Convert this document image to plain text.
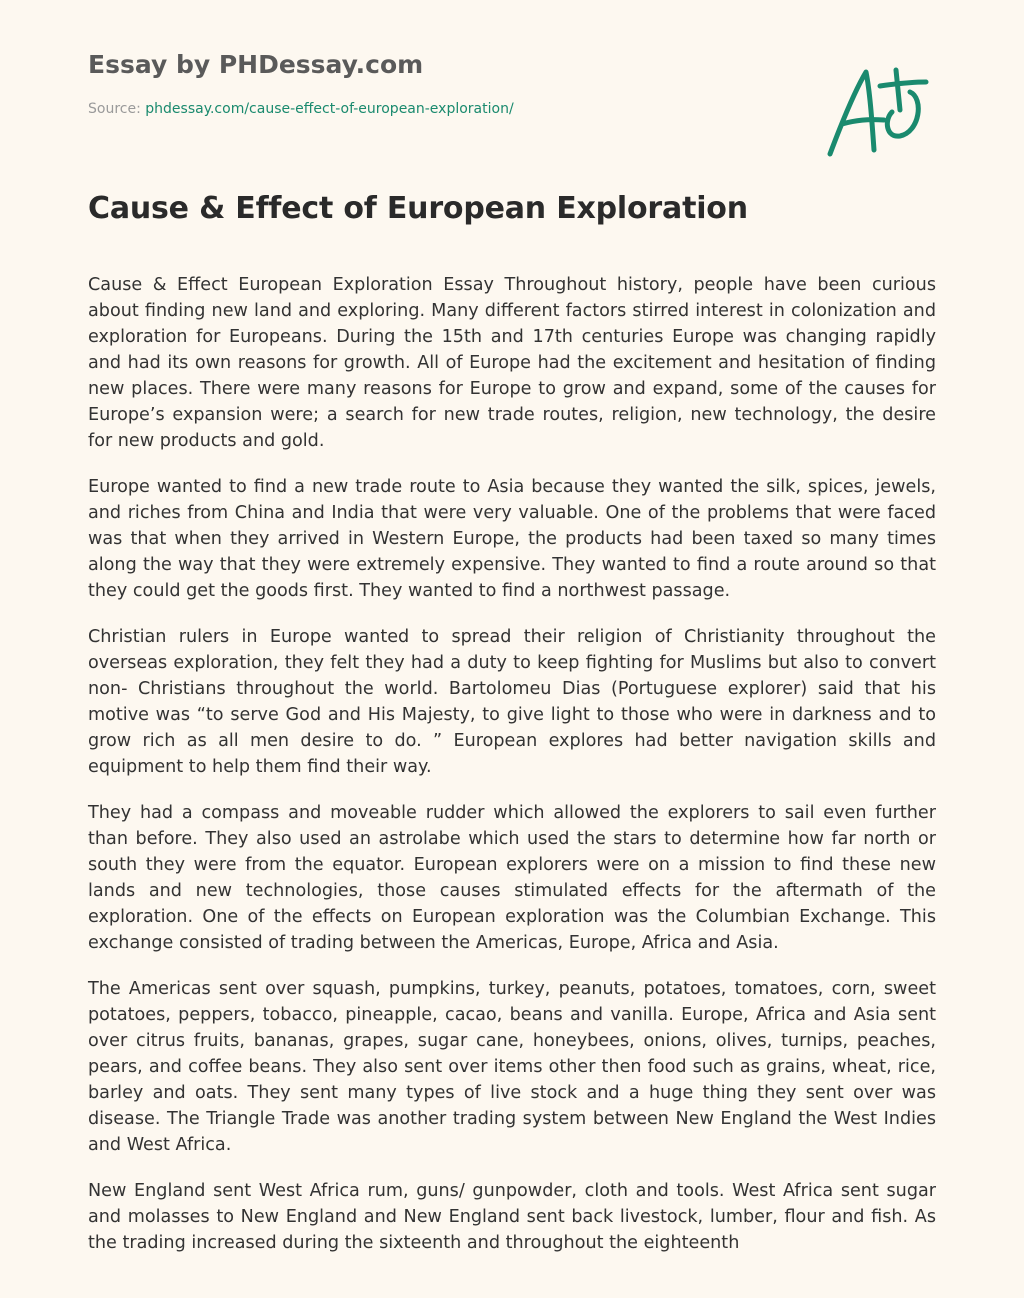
Essay by PHDessay.com

Source: phdessay.com/cause-effect-of-european-exploration/

Cause & Effect of European Exploration

Cause & Effect European Exploration Essay Throughout history, people have been curious about finding new land and exploring. Many different factors stirred interest in colonization and exploration for Europeans. During the 15th and 17th centuries Europe was changing rapidly and had its own reasons for growth. All of Europe had the excitement and hesitation of finding new places. There were many reasons for Europe to grow and expand, some of the causes for Europe’s expansion were; a search for new trade routes, religion, new technology, the desire for new products and gold.

Europe wanted to find a new trade route to Asia because they wanted the silk, spices, jewels, and riches from China and India that were very valuable. One of the problems that were faced was that when they arrived in Western Europe, the products had been taxed so many times along the way that they were extremely expensive. They wanted to find a route around so that they could get the goods first. They wanted to find a northwest passage.

Christian rulers in Europe wanted to spread their religion of Christianity throughout the overseas exploration, they felt they had a duty to keep fighting for Muslims but also to convert non- Christians throughout the world. Bartolomeu Dias (Portuguese explorer) said that his motive was “to serve God and His Majesty, to give light to those who were in darkness and to grow rich as all men desire to do. ” European explores had better navigation skills and equipment to help them find their way.

They had a compass and moveable rudder which allowed the explorers to sail even further than before. They also used an astrolabe which used the stars to determine how far north or south they were from the equator. European explorers were on a mission to find these new lands and new technologies, those causes stimulated effects for the aftermath of the exploration. One of the effects on European exploration was the Columbian Exchange. This exchange consisted of trading between the Americas, Europe, Africa and Asia.

The Americas sent over squash, pumpkins, turkey, peanuts, potatoes, tomatoes, corn, sweet potatoes, peppers, tobacco, pineapple, cacao, beans and vanilla. Europe, Africa and Asia sent over citrus fruits, bananas, grapes, sugar cane, honeybees, onions, olives, turnips, peaches, pears, and coffee beans. They also sent over items other then food such as grains, wheat, rice, barley and oats. They sent many types of live stock and a huge thing they sent over was disease. The Triangle Trade was another trading system between New England the West Indies and West Africa.

New England sent West Africa rum, guns/ gunpowder, cloth and tools. West Africa sent sugar and molasses to New England and New England sent back livestock, lumber, flour and fish. As the trading increased during the sixteenth and throughout the eighteenth
